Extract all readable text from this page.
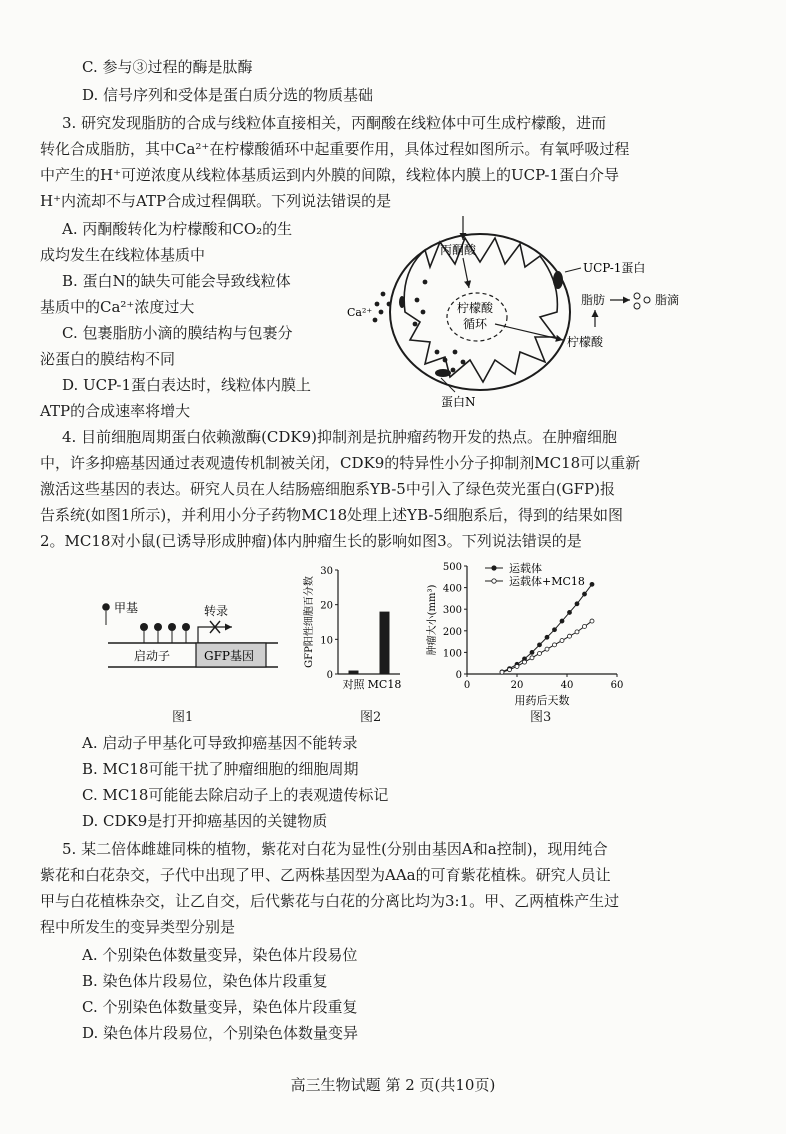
C. 参与③过程的酶是肽酶
D. 信号序列和受体是蛋白质分选的物质基础
3. 研究发现脂肪的合成与线粒体直接相关，丙酮酸在线粒体中可生成柠檬酸，进而
转化合成脂肪，其中Ca²⁺在柠檬酸循环中起重要作用，具体过程如图所示。有氧呼吸过程
中产生的H⁺可逆浓度从线粒体基质运到内外膜的间隙，线粒体内膜上的UCP-1蛋白介导
H⁺内流却不与ATP合成过程偶联。下列说法错误的是
A. 丙酮酸转化为柠檬酸和CO₂的生
成均发生在线粒体基质中
B. 蛋白N的缺失可能会导致线粒体
基质中的Ca²⁺浓度过大
C. 包裹脂肪小滴的膜结构与包裹分
泌蛋白的膜结构不同
D. UCP-1蛋白表达时，线粒体内膜上
ATP的合成速率将增大
丙酮酸
柠檬酸
循环
柠檬酸
脂肪	脂滴
UCP-1蛋白
Ca²⁺
蛋白N
4. 目前细胞周期蛋白依赖激酶(CDK9)抑制剂是抗肿瘤药物开发的热点。在肿瘤细胞
中，许多抑癌基因通过表观遗传机制被关闭，CDK9的特异性小分子抑制剂MC18可以重新
激活这些基因的表达。研究人员在人结肠癌细胞系YB-5中引入了绿色荧光蛋白(GFP)报
告系统(如图1所示)，并利用小分子药物MC18处理上述YB-5细胞系后，得到的结果如图
2。MC18对小鼠(已诱导形成肿瘤)体内肿瘤生长的影响如图3。下列说法错误的是
甲基	转录
启动子	GFP基因
图1
0
10
20
30
GFP阳性细胞百分数
对照 MC18
图2
0
100
200
300
400
500
0	20	40	60
用药后天数
肿瘤大小(mm³)
运载体
运载体+MC18
图3
A. 启动子甲基化可导致抑癌基因不能转录
B. MC18可能干扰了肿瘤细胞的细胞周期
C. MC18可能能去除启动子上的表观遗传标记
D. CDK9是打开抑癌基因的关键物质
5. 某二倍体雌雄同株的植物，紫花对白花为显性(分别由基因A和a控制)，现用纯合
紫花和白花杂交，子代中出现了甲、乙两株基因型为AAa的可育紫花植株。研究人员让
甲与白花植株杂交，让乙自交，后代紫花与白花的分离比均为3:1。甲、乙两植株产生过
程中所发生的变异类型分别是
A. 个别染色体数量变异，染色体片段易位
B. 染色体片段易位，染色体片段重复
C. 个别染色体数量变异，染色体片段重复
D. 染色体片段易位，个别染色体数量变异
高三生物试题 第 2 页(共10页)
